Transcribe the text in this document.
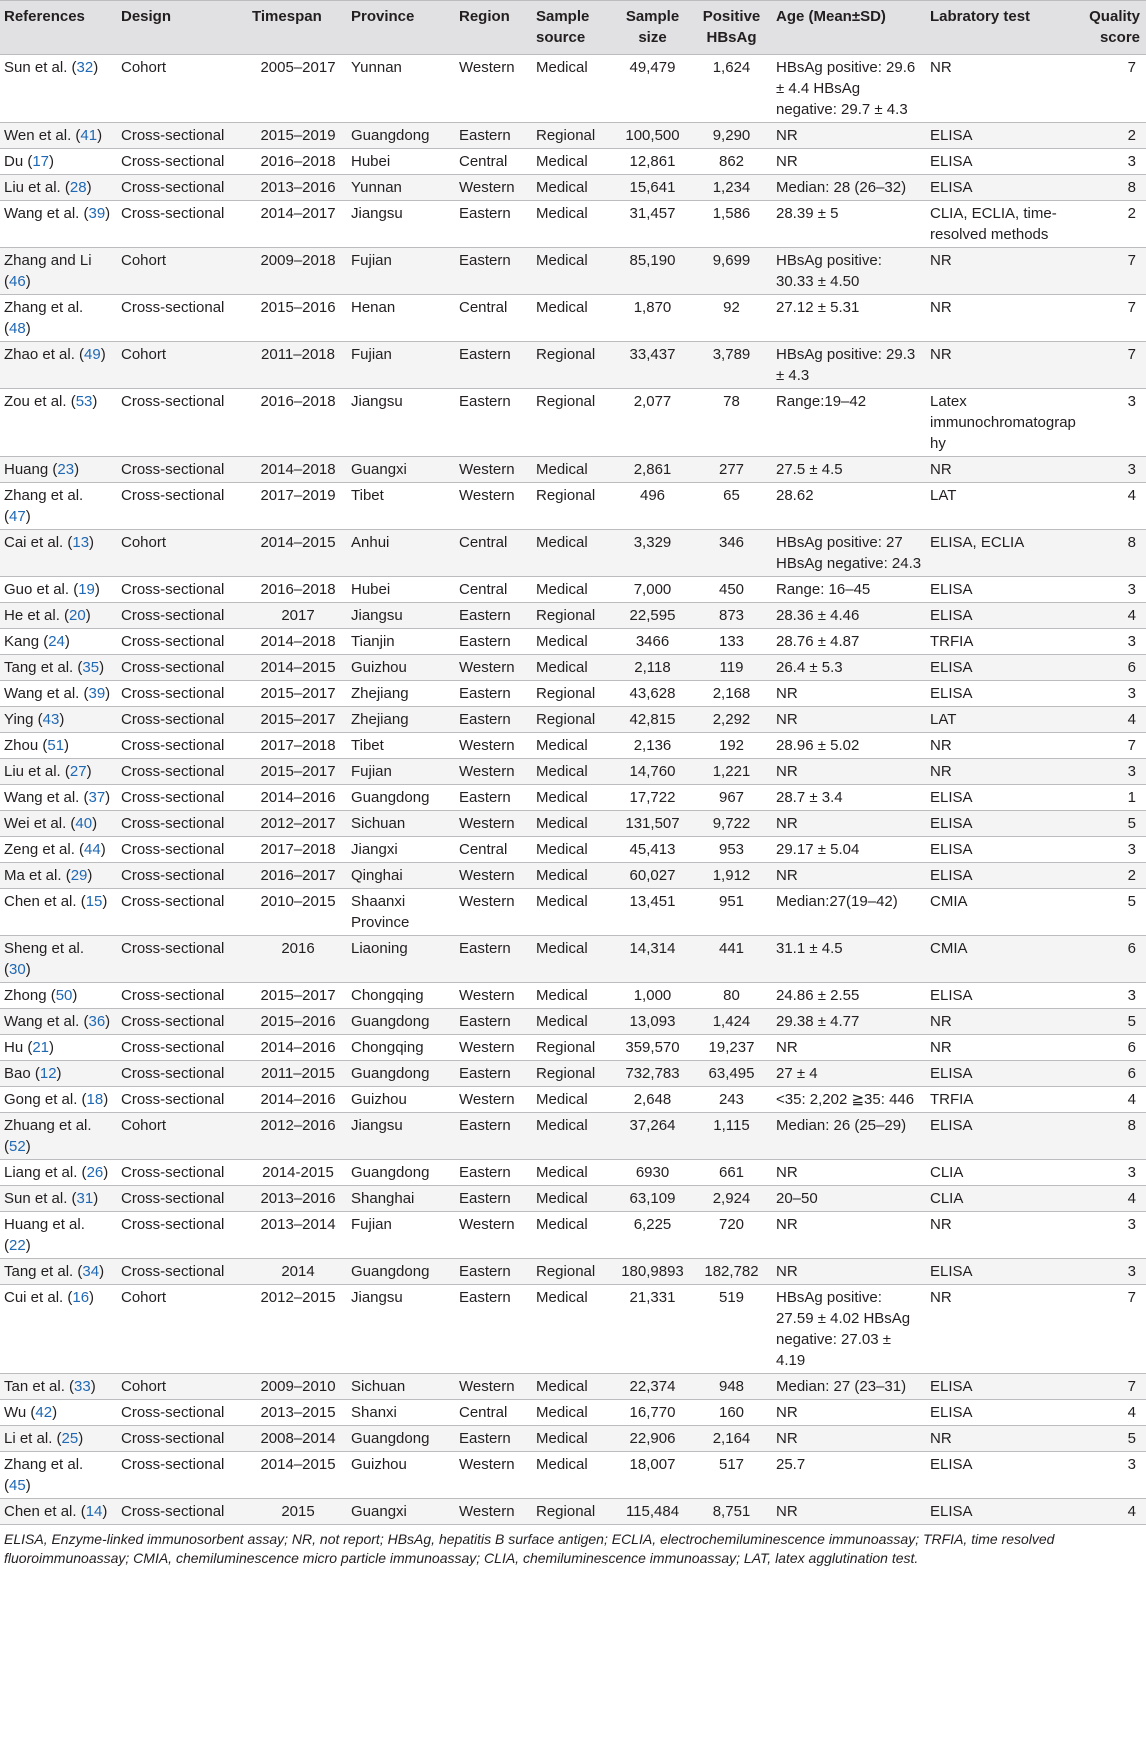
References	Design	Timespan	Province	Region	Sample source	Sample size	Positive HBsAg	Age (Mean±SD)	Labratory test	Quality score
Sun et al. (32)	Cohort	2005–2017	Yunnan	Western	Medical	49,479	1,624	HBsAg positive: 29.6 ± 4.4 HBsAg negative: 29.7 ± 4.3	NR	7
Wen et al. (41)	Cross-sectional	2015–2019	Guangdong	Eastern	Regional	100,500	9,290	NR	ELISA	2
Du (17)	Cross-sectional	2016–2018	Hubei	Central	Medical	12,861	862	NR	ELISA	3
Liu et al. (28)	Cross-sectional	2013–2016	Yunnan	Western	Medical	15,641	1,234	Median: 28 (26–32)	ELISA	8
Wang et al. (39)	Cross-sectional	2014–2017	Jiangsu	Eastern	Medical	31,457	1,586	28.39 ± 5	CLIA, ECLIA, time-resolved methods	2
Zhang and Li (46)	Cohort	2009–2018	Fujian	Eastern	Medical	85,190	9,699	HBsAg positive: 30.33 ± 4.50	NR	7
Zhang et al. (48)	Cross-sectional	2015–2016	Henan	Central	Medical	1,870	92	27.12 ± 5.31	NR	7
Zhao et al. (49)	Cohort	2011–2018	Fujian	Eastern	Regional	33,437	3,789	HBsAg positive: 29.3 ± 4.3	NR	7
Zou et al. (53)	Cross-sectional	2016–2018	Jiangsu	Eastern	Regional	2,077	78	Range:19–42	Latex immunochromatography	3
Huang (23)	Cross-sectional	2014–2018	Guangxi	Western	Medical	2,861	277	27.5 ± 4.5	NR	3
Zhang et al. (47)	Cross-sectional	2017–2019	Tibet	Western	Regional	496	65	28.62	LAT	4
Cai et al. (13)	Cohort	2014–2015	Anhui	Central	Medical	3,329	346	HBsAg positive: 27 HBsAg negative: 24.3	ELISA, ECLIA	8
Guo et al. (19)	Cross-sectional	2016–2018	Hubei	Central	Medical	7,000	450	Range: 16–45	ELISA	3
He et al. (20)	Cross-sectional	2017	Jiangsu	Eastern	Regional	22,595	873	28.36 ± 4.46	ELISA	4
Kang (24)	Cross-sectional	2014–2018	Tianjin	Eastern	Medical	3466	133	28.76 ± 4.87	TRFIA	3
Tang et al. (35)	Cross-sectional	2014–2015	Guizhou	Western	Medical	2,118	119	26.4 ± 5.3	ELISA	6
Wang et al. (39)	Cross-sectional	2015–2017	Zhejiang	Eastern	Regional	43,628	2,168	NR	ELISA	3
Ying (43)	Cross-sectional	2015–2017	Zhejiang	Eastern	Regional	42,815	2,292	NR	LAT	4
Zhou (51)	Cross-sectional	2017–2018	Tibet	Western	Medical	2,136	192	28.96 ± 5.02	NR	7
Liu et al. (27)	Cross-sectional	2015–2017	Fujian	Western	Medical	14,760	1,221	NR	NR	3
Wang et al. (37)	Cross-sectional	2014–2016	Guangdong	Eastern	Medical	17,722	967	28.7 ± 3.4	ELISA	1
Wei et al. (40)	Cross-sectional	2012–2017	Sichuan	Western	Medical	131,507	9,722	NR	ELISA	5
Zeng et al. (44)	Cross-sectional	2017–2018	Jiangxi	Central	Medical	45,413	953	29.17 ± 5.04	ELISA	3
Ma et al. (29)	Cross-sectional	2016–2017	Qinghai	Western	Medical	60,027	1,912	NR	ELISA	2
Chen et al. (15)	Cross-sectional	2010–2015	Shaanxi Province	Western	Medical	13,451	951	Median:27(19–42)	CMIA	5
Sheng et al. (30)	Cross-sectional	2016	Liaoning	Eastern	Medical	14,314	441	31.1 ± 4.5	CMIA	6
Zhong (50)	Cross-sectional	2015–2017	Chongqing	Western	Medical	1,000	80	24.86 ± 2.55	ELISA	3
Wang et al. (36)	Cross-sectional	2015–2016	Guangdong	Eastern	Medical	13,093	1,424	29.38 ± 4.77	NR	5
Hu (21)	Cross-sectional	2014–2016	Chongqing	Western	Regional	359,570	19,237	NR	NR	6
Bao (12)	Cross-sectional	2011–2015	Guangdong	Eastern	Regional	732,783	63,495	27 ± 4	ELISA	6
Gong et al. (18)	Cross-sectional	2014–2016	Guizhou	Western	Medical	2,648	243	<35: 2,202 ≧35: 446	TRFIA	4
Zhuang et al. (52)	Cohort	2012–2016	Jiangsu	Eastern	Medical	37,264	1,115	Median: 26 (25–29)	ELISA	8
Liang et al. (26)	Cross-sectional	2014-2015	Guangdong	Eastern	Medical	6930	661	NR	CLIA	3
Sun et al. (31)	Cross-sectional	2013–2016	Shanghai	Eastern	Medical	63,109	2,924	20–50	CLIA	4
Huang et al. (22)	Cross-sectional	2013–2014	Fujian	Western	Medical	6,225	720	NR	NR	3
Tang et al. (34)	Cross-sectional	2014	Guangdong	Eastern	Regional	180,9893	182,782	NR	ELISA	3
Cui et al. (16)	Cohort	2012–2015	Jiangsu	Eastern	Medical	21,331	519	HBsAg positive: 27.59 ± 4.02 HBsAg negative: 27.03 ± 4.19	NR	7
Tan et al. (33)	Cohort	2009–2010	Sichuan	Western	Medical	22,374	948	Median: 27 (23–31)	ELISA	7
Wu (42)	Cross-sectional	2013–2015	Shanxi	Central	Medical	16,770	160	NR	ELISA	4
Li et al. (25)	Cross-sectional	2008–2014	Guangdong	Eastern	Medical	22,906	2,164	NR	NR	5
Zhang et al. (45)	Cross-sectional	2014–2015	Guizhou	Western	Medical	18,007	517	25.7	ELISA	3
Chen et al. (14)	Cross-sectional	2015	Guangxi	Western	Regional	115,484	8,751	NR	ELISA	4
ELISA, Enzyme-linked immunosorbent assay; NR, not report; HBsAg, hepatitis B surface antigen; ECLIA, electrochemiluminescence immunoassay; TRFIA, time resolved fluoroimmunoassay; CMIA, chemiluminescence micro particle immunoassay; CLIA, chemiluminescence immunoassay; LAT, latex agglutination test.
